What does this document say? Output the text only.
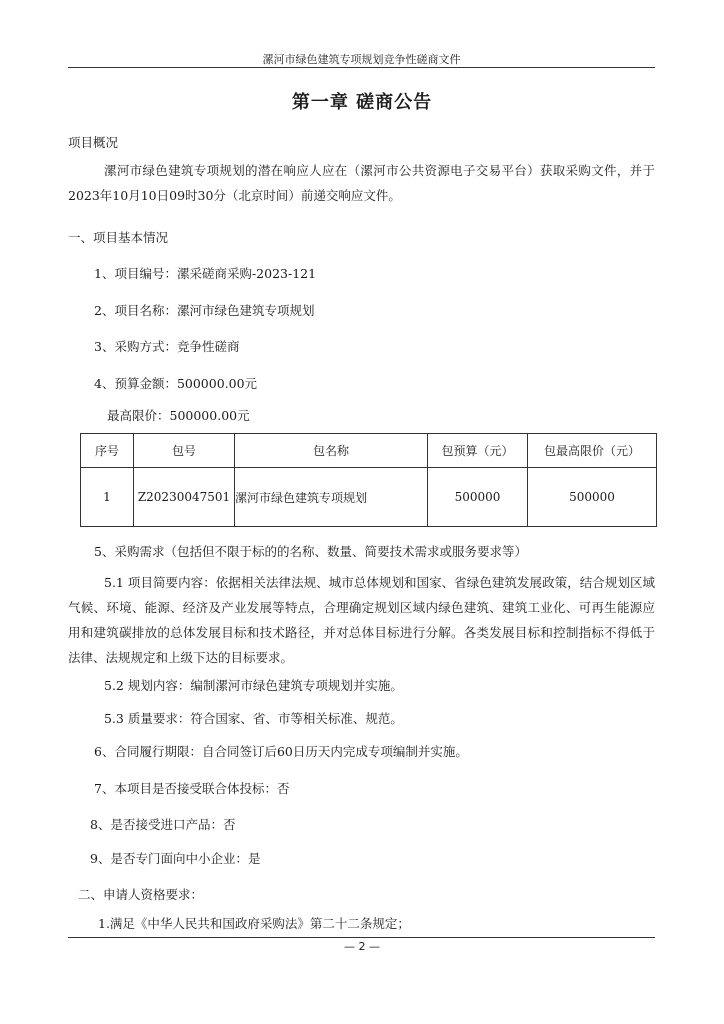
漯河市绿色建筑专项规划竞争性磋商文件
第一章 磋商公告
项目概况
漯河市绿色建筑专项规划的潜在响应人应在（漯河市公共资源电子交易平台）获取采购文件，并于2023年10月10日09时30分（北京时间）前递交响应文件。
一、项目基本情况
1、项目编号：漯采磋商采购-2023-121
2、项目名称：漯河市绿色建筑专项规划
3、采购方式：竞争性磋商
4、预算金额：500000.00元
最高限价：500000.00元
序号	包号	包名称	包预算（元）	包最高限价（元）
1	Z20230047501	漯河市绿色建筑专项规划	500000	500000
5、采购需求（包括但不限于标的的名称、数量、简要技术需求或服务要求等）
5.1 项目简要内容：依据相关法律法规、城市总体规划和国家、省绿色建筑发展政策，结合规划区域气候、环境、能源、经济及产业发展等特点，合理确定规划区域内绿色建筑、建筑工业化、可再生能源应用和建筑碳排放的总体发展目标和技术路径，并对总体目标进行分解。各类发展目标和控制指标不得低于法律、法规规定和上级下达的目标要求。
5.2 规划内容：编制漯河市绿色建筑专项规划并实施。
5.3 质量要求：符合国家、省、市等相关标准、规范。
6、合同履行期限：自合同签订后60日历天内完成专项编制并实施。
7、本项目是否接受联合体投标：否
8、是否接受进口产品：否
9、是否专门面向中小企业：是
二、申请人资格要求：
1.满足《中华人民共和国政府采购法》第二十二条规定；
— 2 —
